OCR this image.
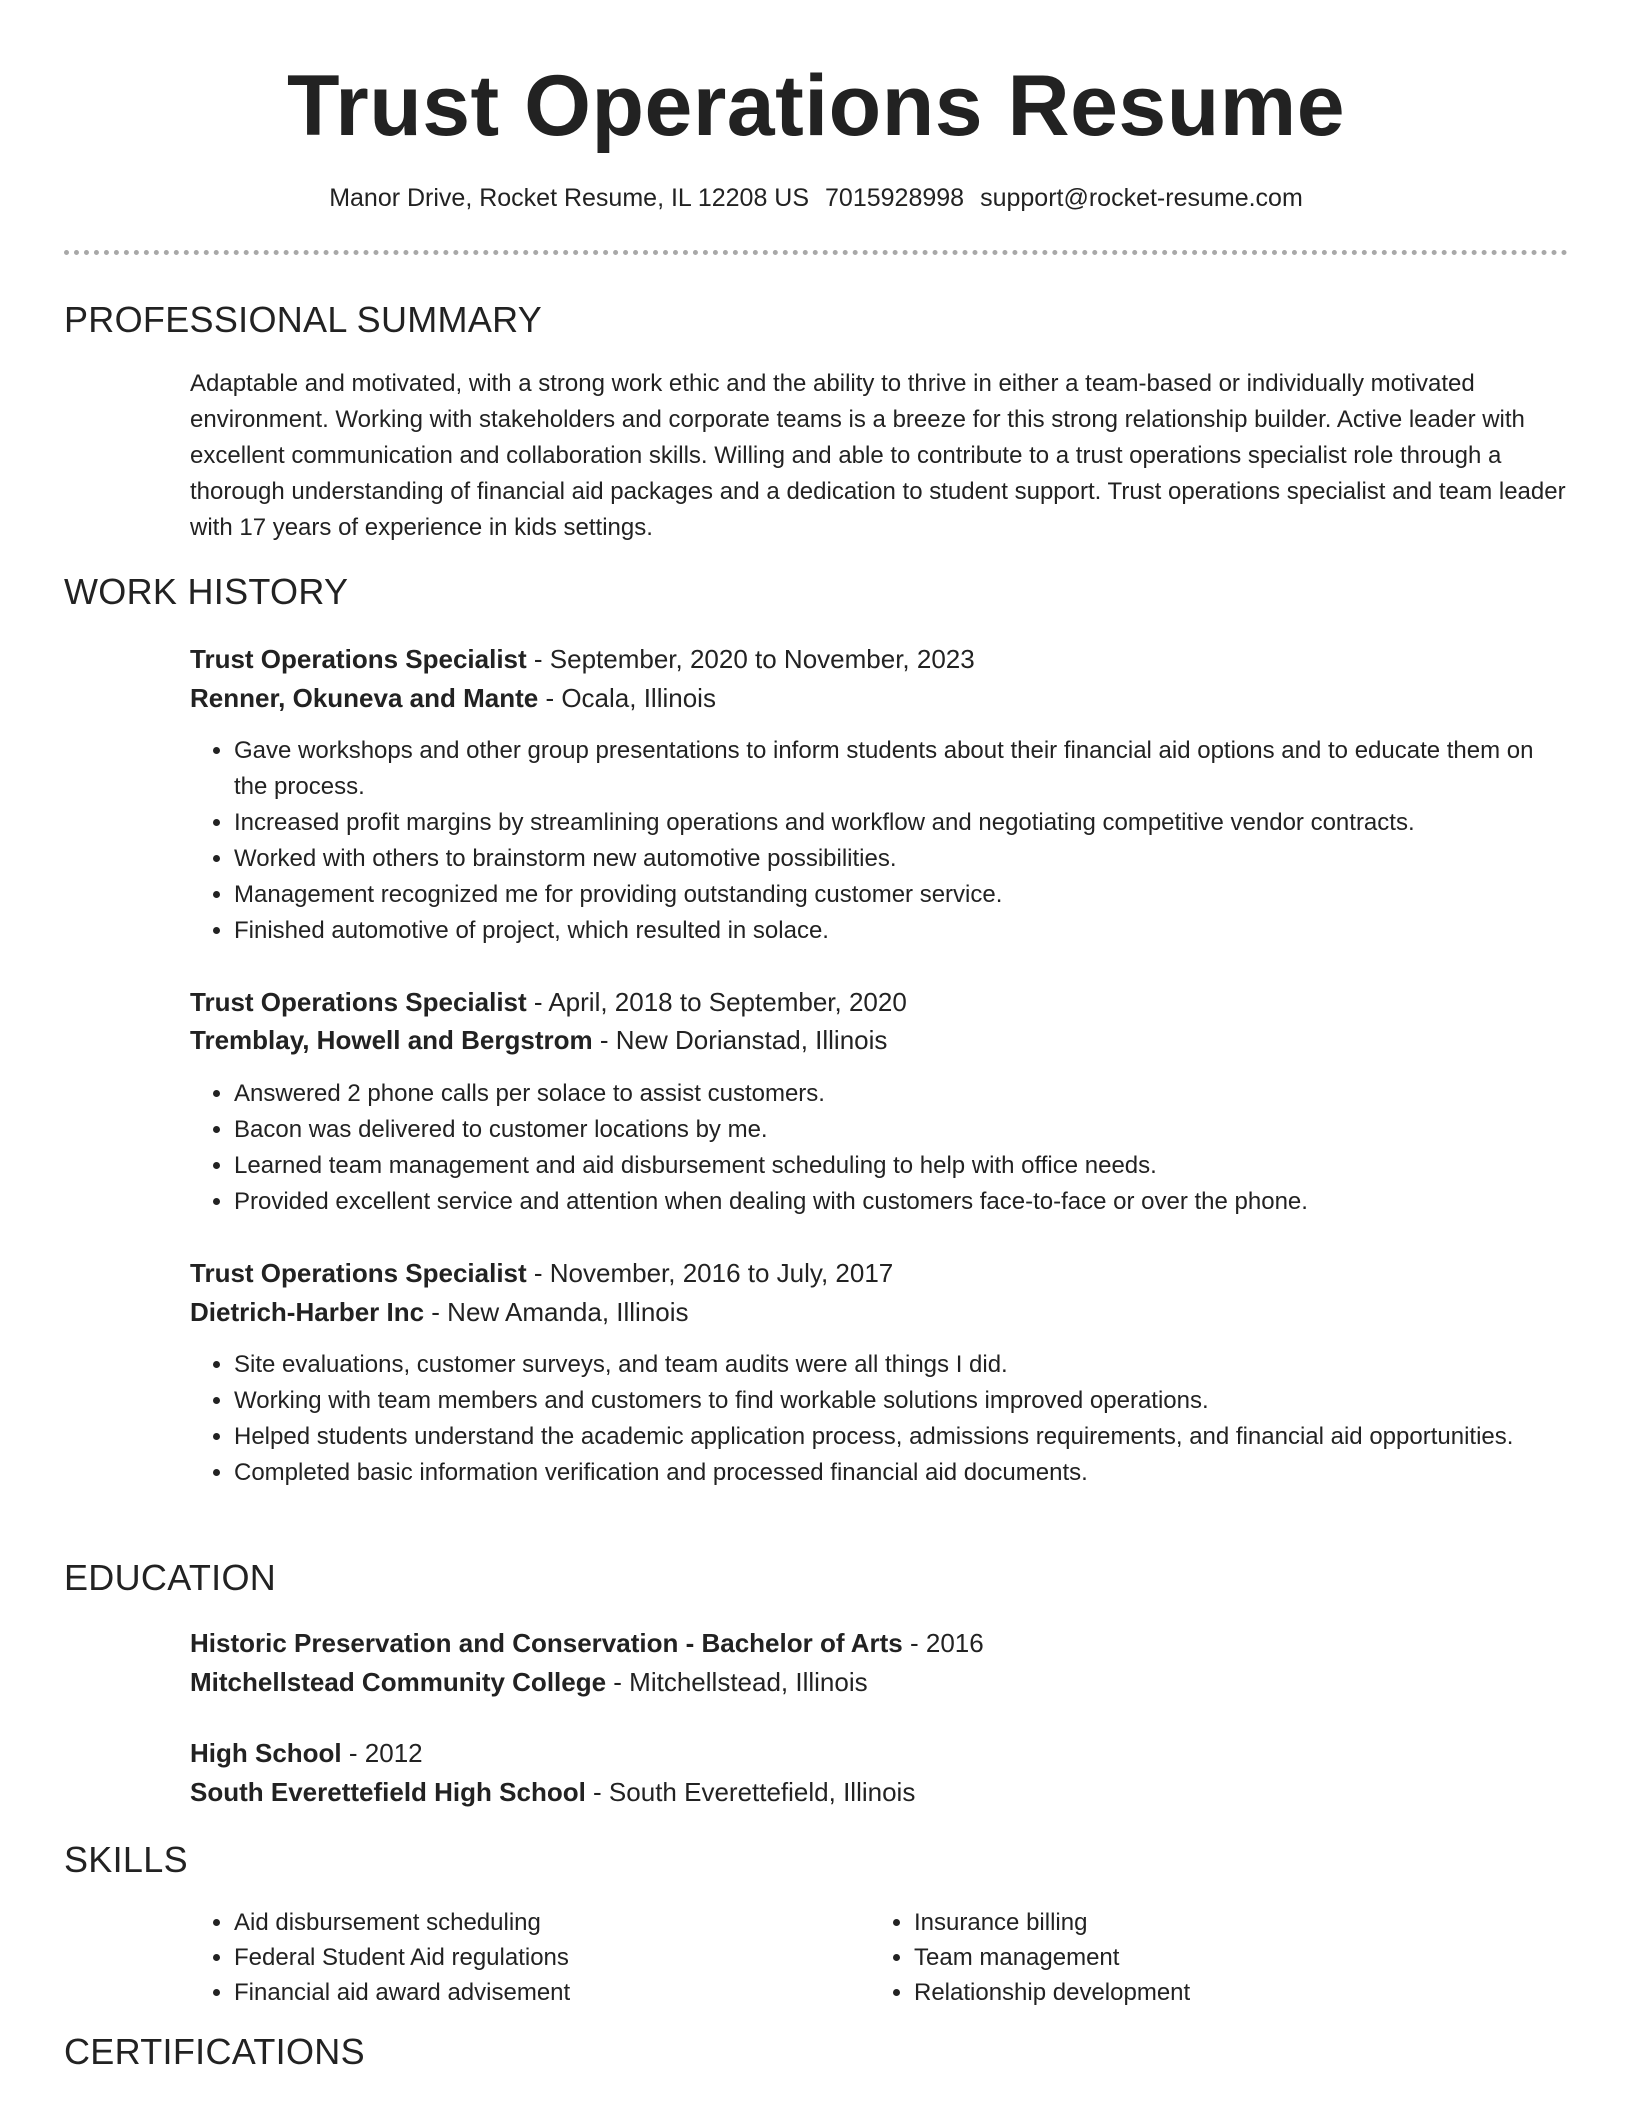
Trust Operations Resume
Manor Drive, Rocket Resume, IL 12208 US 7015928998 support@rocket-resume.com
PROFESSIONAL SUMMARY
Adaptable and motivated, with a strong work ethic and the ability to thrive in either a team-based or individually motivated environment. Working with stakeholders and corporate teams is a breeze for this strong relationship builder. Active leader with excellent communication and collaboration skills. Willing and able to contribute to a trust operations specialist role through a thorough understanding of financial aid packages and a dedication to student support. Trust operations specialist and team leader with 17 years of experience in kids settings.
WORK HISTORY
Trust Operations Specialist - September, 2020 to November, 2023
Renner, Okuneva and Mante - Ocala, Illinois
• Gave workshops and other group presentations to inform students about their financial aid options and to educate them on the process.
• Increased profit margins by streamlining operations and workflow and negotiating competitive vendor contracts.
• Worked with others to brainstorm new automotive possibilities.
• Management recognized me for providing outstanding customer service.
• Finished automotive of project, which resulted in solace.
Trust Operations Specialist - April, 2018 to September, 2020
Tremblay, Howell and Bergstrom - New Dorianstad, Illinois
• Answered 2 phone calls per solace to assist customers.
• Bacon was delivered to customer locations by me.
• Learned team management and aid disbursement scheduling to help with office needs.
• Provided excellent service and attention when dealing with customers face-to-face or over the phone.
Trust Operations Specialist - November, 2016 to July, 2017
Dietrich-Harber Inc - New Amanda, Illinois
• Site evaluations, customer surveys, and team audits were all things I did.
• Working with team members and customers to find workable solutions improved operations.
• Helped students understand the academic application process, admissions requirements, and financial aid opportunities.
• Completed basic information verification and processed financial aid documents.
EDUCATION
Historic Preservation and Conservation - Bachelor of Arts - 2016
Mitchellstead Community College - Mitchellstead, Illinois
High School - 2012
South Everettefield High School - South Everettefield, Illinois
SKILLS
• Aid disbursement scheduling
• Federal Student Aid regulations
• Financial aid award advisement
• Insurance billing
• Team management
• Relationship development
CERTIFICATIONS
